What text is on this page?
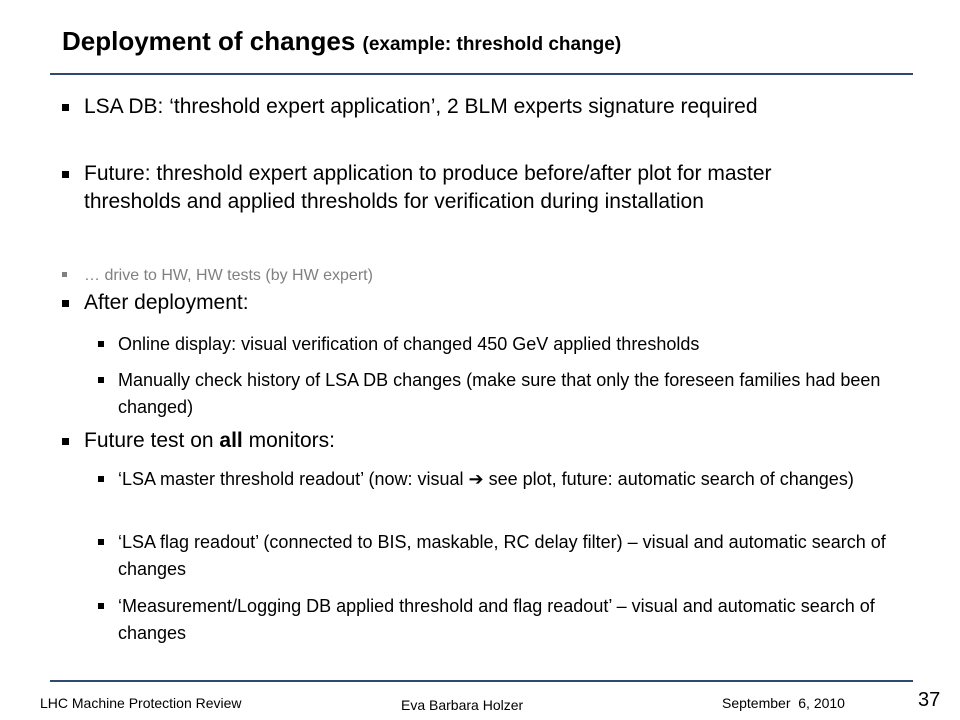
Deployment of changes (example: threshold change)
LSA DB: ‘threshold expert application’, 2 BLM experts signature required
Future: threshold expert application to produce before/after plot for master thresholds and applied thresholds for verification during installation
… drive to HW, HW tests (by HW expert)
After deployment:
Online display: visual verification of changed 450 GeV applied thresholds
Manually check history of LSA DB changes (make sure that only the foreseen families had been changed)
Future test on all monitors:
‘LSA master threshold readout’ (now: visual ➔ see plot, future: automatic search of changes)
‘LSA flag readout’ (connected to BIS, maskable, RC delay filter) – visual and automatic search of changes
‘Measurement/Logging DB applied threshold and flag readout’ – visual and automatic search of changes
LHC Machine Protection Review	Eva Barbara Holzer	September  6, 2010	37
